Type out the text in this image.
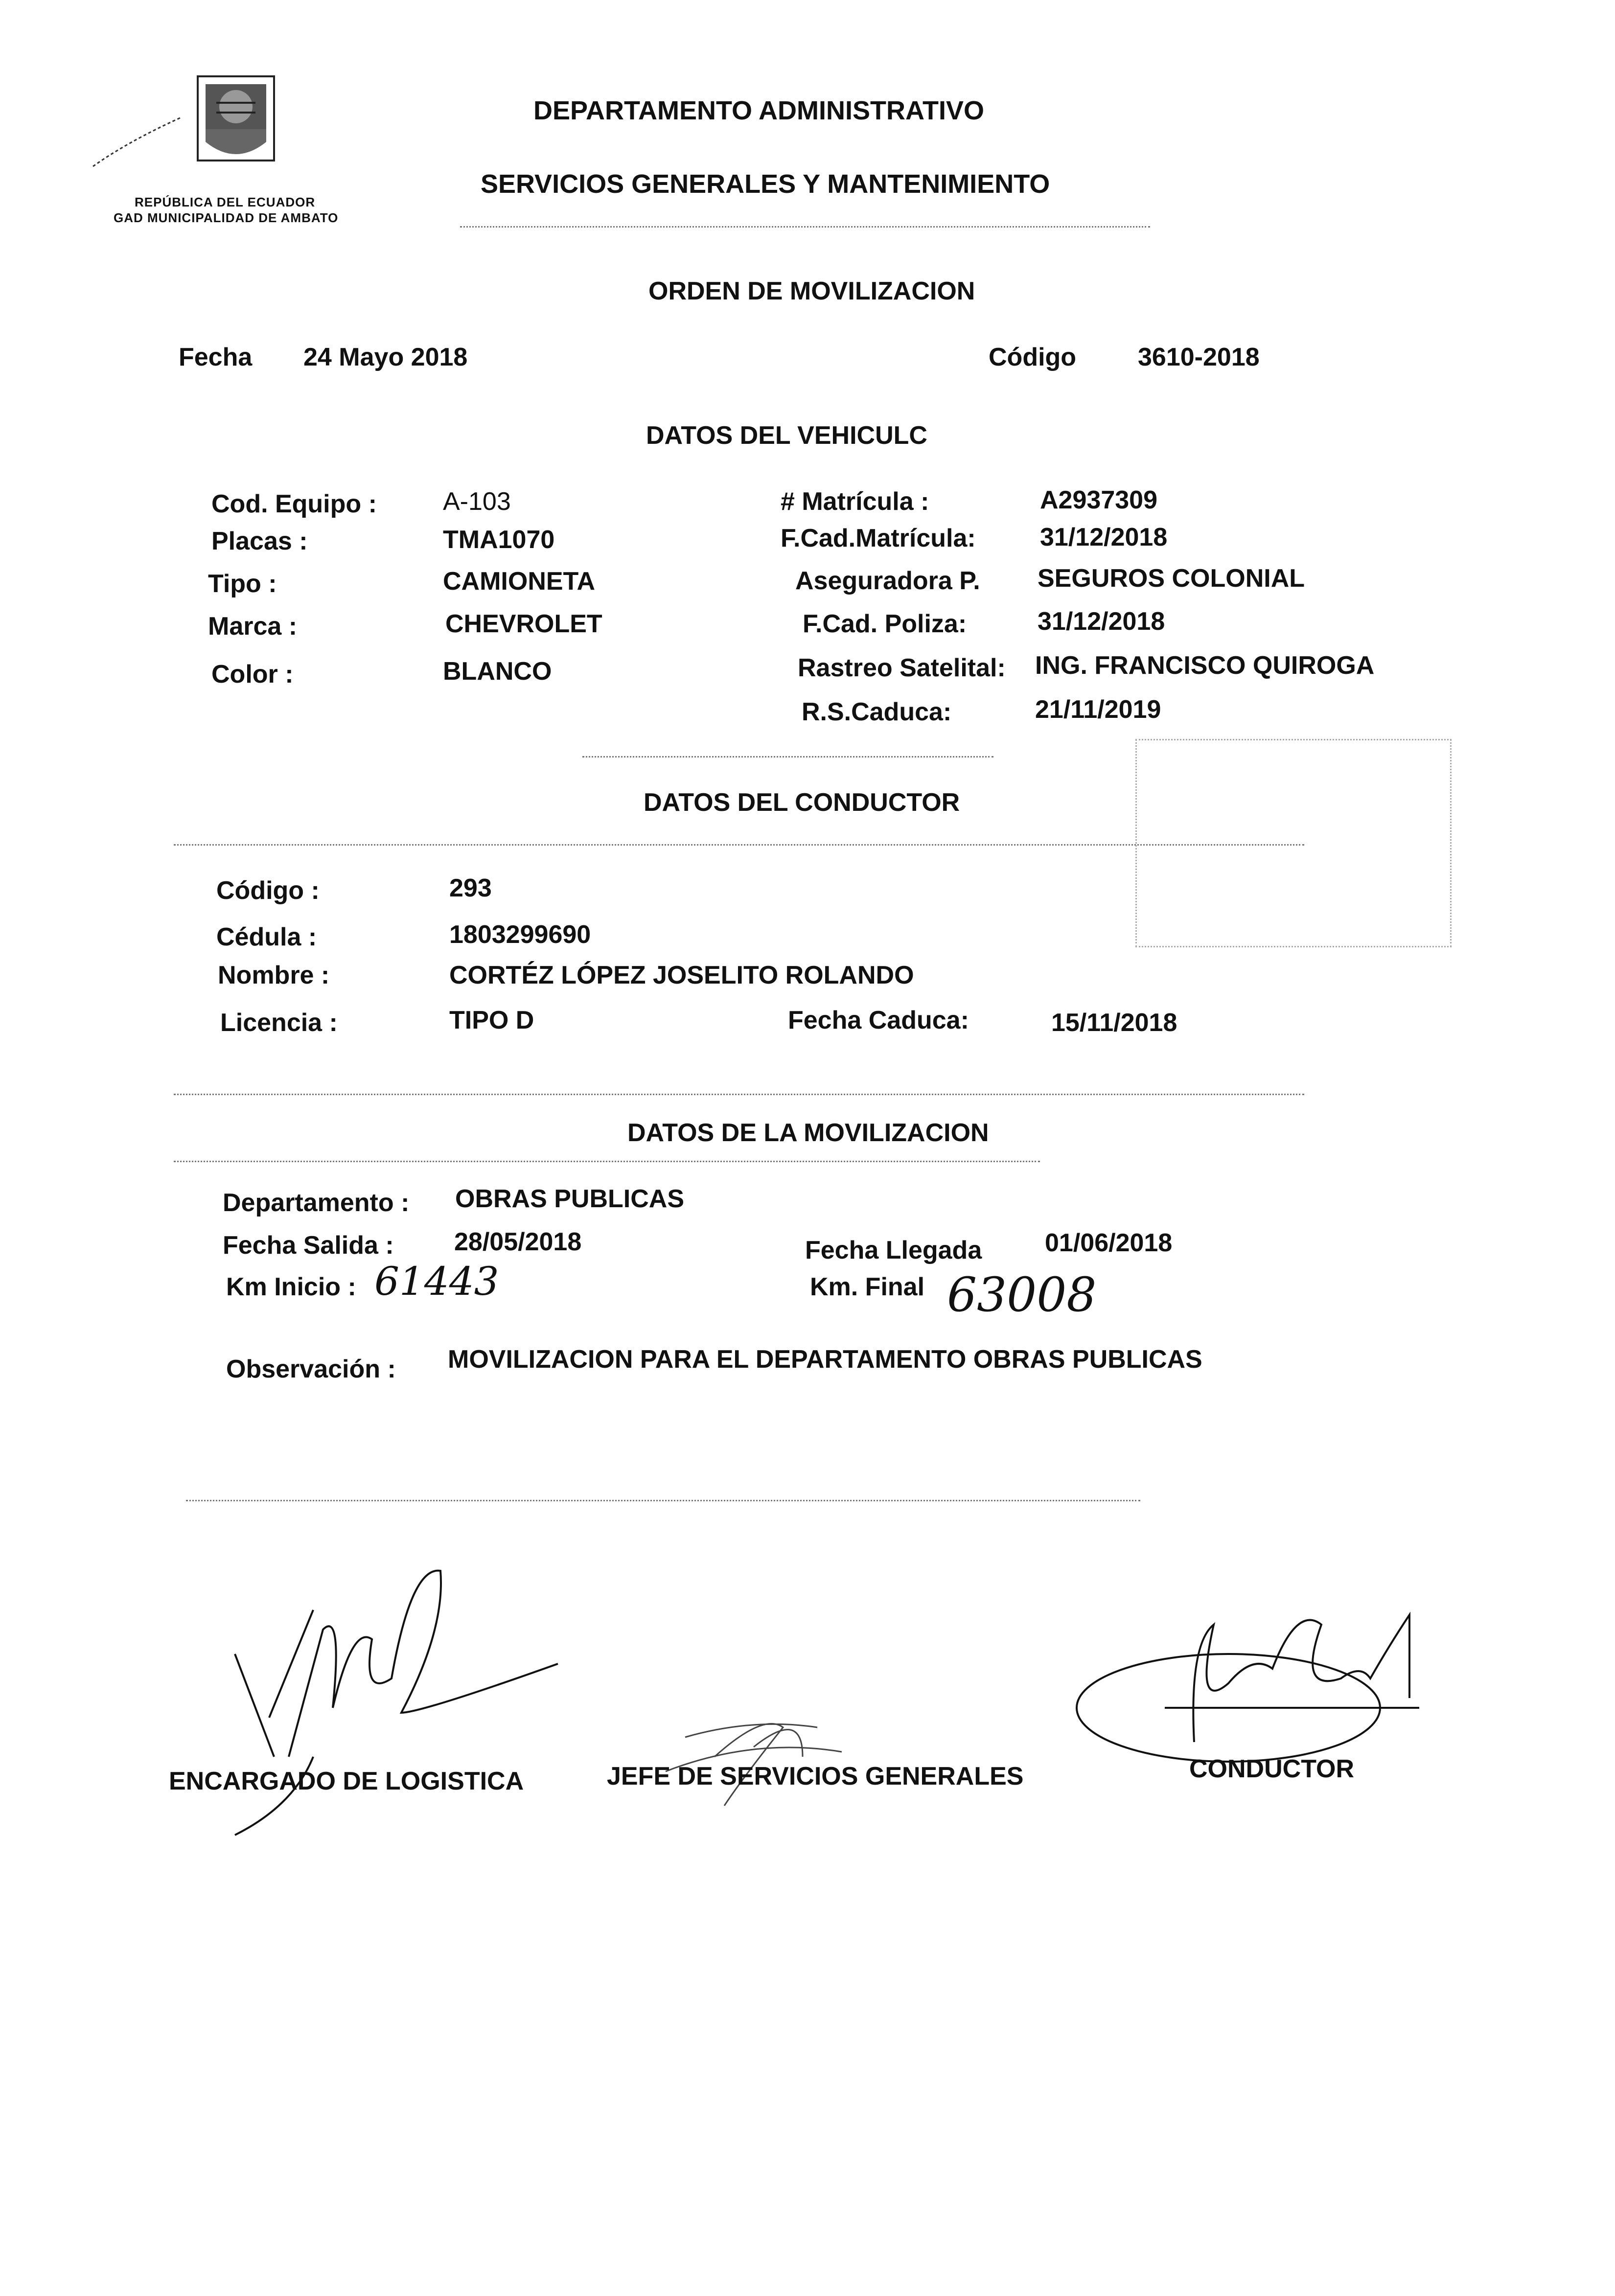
REPÚBLICA DEL ECUADOR
GAD MUNICIPALIDAD DE AMBATO
DEPARTAMENTO ADMINISTRATIVO
SERVICIOS GENERALES Y MANTENIMIENTO
ORDEN DE MOVILIZACION
Fecha 24 Mayo 2018	Código 3610-2018
DATOS DEL VEHICULC
Cod. Equipo :	A-103
Placas :	TMA1070
Tipo :	CAMIONETA
Marca :	CHEVROLET
Color :	BLANCO
# Matrícula :	A2937309
F.Cad.Matrícula:	31/12/2018
Aseguradora P. SEGUROS COLONIAL
F.Cad. Poliza:	31/12/2018
Rastreo Satelital: ING. FRANCISCO QUIROGA
R.S.Caduca:	21/11/2019
DATOS DEL CONDUCTOR
Código :	293
Cédula :	1803299690
Nombre :	CORTÉZ LÓPEZ JOSELITO ROLANDO
Licencia :	TIPO D	Fecha Caduca:	15/11/2018
DATOS DE LA MOVILIZACION
Departamento : OBRAS PUBLICAS
Fecha Salida : 28/05/2018	Fecha Llegada 01/06/2018
Km Inicio : 61443	Km. Final 63008
Observación : MOVILIZACION PARA EL DEPARTAMENTO OBRAS PUBLICAS
ENCARGADO DE LOGISTICA	JEFE DE SERVICIOS GENERALES	CONDUCTOR
